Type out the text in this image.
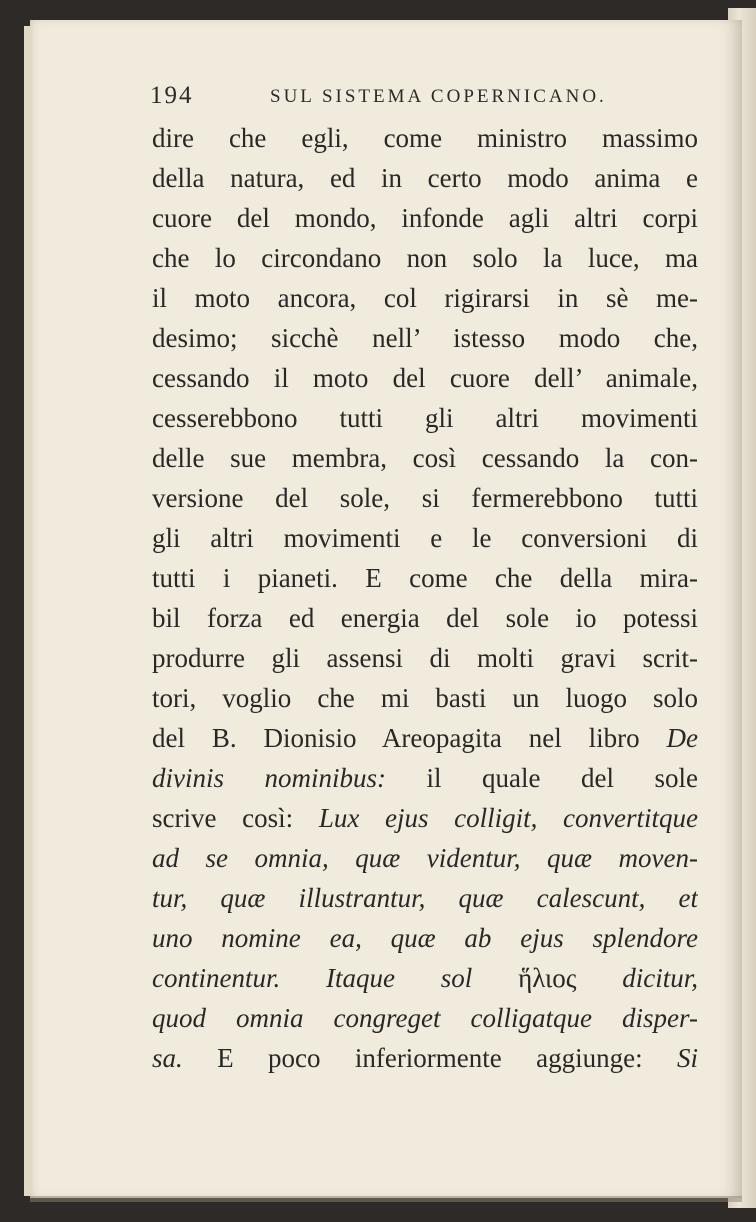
194	SUL SISTEMA COPERNICANO.
dire che egli, come ministro massimo
della natura, ed in certo modo anima e
cuore del mondo, infonde agli altri corpi
che lo circondano non solo la luce, ma
il moto ancora, col rigirarsi in sè me-
desimo; sicchè nell’ istesso modo che,
cessando il moto del cuore dell’ animale,
cesserebbono tutti gli altri movimenti
delle sue membra, così cessando la con-
versione del sole, si fermerebbono tutti
gli altri movimenti e le conversioni di
tutti i pianeti. E come che della mira-
bil forza ed energia del sole io potessi
produrre gli assensi di molti gravi scrit-
tori, voglio che mi basti un luogo solo
del B. Dionisio Areopagita nel libro De
divinis nominibus: il quale del sole
scrive così: Lux ejus colligit, convertitque
ad se omnia, quæ videntur, quæ moven-
tur, quæ illustrantur, quæ calescunt, et
uno nomine ea, quæ ab ejus splendore
continentur. Itaque sol ἥλιος dicitur,
quod omnia congreget colligatque disper-
sa. E poco inferiormente aggiunge: Si
